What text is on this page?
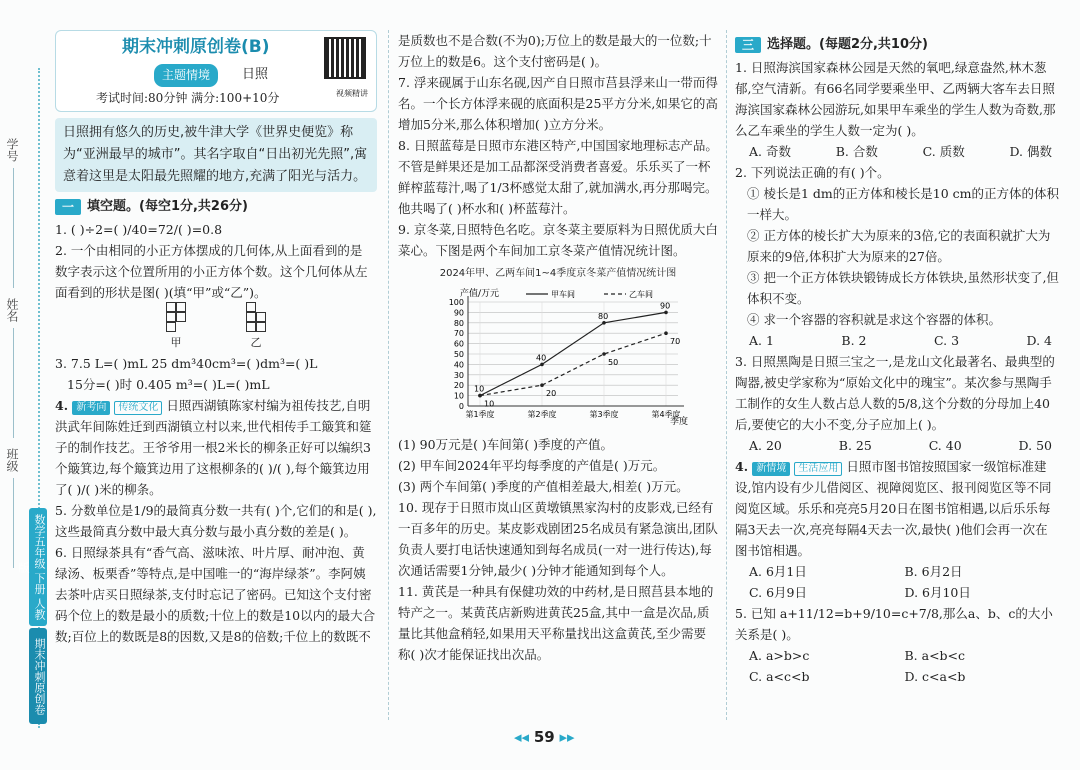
学号
姓名
班级
数学五年级 下册 人教版
期末冲刺原创卷
期末冲刺原创卷(B)
主题情境	日照
考试时间:80分钟 满分:100+10分	视频精讲
日照拥有悠久的历史,被牛津大学《世界史便览》称为“亚洲最早的城市”。其名字取自“日出初光先照”,寓意着这里是太阳最先照耀的地方,充满了阳光与活力。
一	填空题。(每空1分,共26分)

1. ( )÷2=( )/40=72/( )=0.8

2. 一个由相同的小正方体摆成的几何体,从上面看到的是

数字表示这个位置所用的小正方体个数。这个几何体从左面看到的形状是图( )(填“甲”或“乙”)。

甲	乙

3. 7.5 L=( )mL 25 dm³40cm³=( )dm³=( )L

15分=( )时 0.405 m³=( )L=( )mL

4. 新考向 传统文化 日照西湖镇陈家村编为祖传技艺,自明洪武年间陈姓迁到西湖镇立村以来,世代相传手工簸箕和筵子的制作技艺。王爷爷用一根2米长的柳条正好可以编织3个簸箕边,每个簸箕边用了这根柳条的( )/( ),每个簸箕边用了( )/( )米的柳条。

5. 分数单位是1/9的最简真分数一共有( )个,它们的和是( ),这些最简真分数中最大真分数与最小真分数的差是( )。

6. 日照绿茶具有“香气高、滋味浓、叶片厚、耐冲泡、黄绿汤、板栗香”等特点,是中国唯一的“海岸绿茶”。李阿姨去茶叶店买日照绿茶,支付时忘记了密码。已知这个支付密码个位上的数是最小的质数;十位上的数是10以内的最大合数;百位上的数既是8的因数,又是8的倍数;千位上的数既不

是质数也不是合数(不为0);万位上的数是最大的一位数;十万位上的数是6。这个支付密码是( )。

7. 浮来砚属于山东名砚,因产自日照市莒县浮来山一带而得名。一个长方体浮来砚的底面积是25平方分米,如果它的高增加5分米,那么体积增加( )立方分米。

8. 日照蓝莓是日照市东港区特产,中国国家地理标志产品。不管是鲜果还是加工品都深受消费者喜爱。乐乐买了一杯鲜榨蓝莓汁,喝了1/3杯感觉太甜了,就加满水,再分那喝完。他共喝了( )杯水和( )杯蓝莓汁。

9. 京冬菜,日照特色名吃。京冬菜主要原料为日照优质大白菜心。下图是两个车间加工京冬菜产值情况统计图。

2024年甲、乙两车间1~4季度京冬菜产值情况统计图
产值/万元
季度
0
10
20
30
40
50
60
70
80
90
100
第1季度	第2季度	第3季度	第4季度
10
40
80
90
甲车间
10
20
50
70
乙车间

(1) 90万元是( )车间第( )季度的产值。

(2) 甲车间2024年平均每季度的产值是( )万元。

(3) 两个车间第( )季度的产值相差最大,相差( )万元。

10. 现存于日照市岚山区黄墩镇黑家沟村的皮影戏,已经有一百多年的历史。某皮影戏剧团25名成员有紧急演出,团队负责人要打电话快速通知到每名成员(一对一进行传达),每次通话需要1分钟,最少( )分钟才能通知到每个人。

11. 黄芪是一种具有保健功效的中药材,是日照莒县本地的特产之一。某黄芪店新购进黄芪25盒,其中一盒是次品,质量比其他盒稍轻,如果用天平称量找出这盒黄芪,至少需要称( )次才能保证找出次品。

三	选择题。(每题2分,共10分)

1. 日照海滨国家森林公园是天然的氧吧,绿意盎然,林木葱郁,空气清新。有66名同学要乘坐甲、乙两辆大客车去日照海滨国家森林公园游玩,如果甲车乘坐的学生人数为奇数,那么乙车乘坐的学生人数一定为( )。

A. 奇数	B. 合数	C. 质数	D. 偶数

2. 下列说法正确的有( )个。

① 棱长是1 dm的正方体和棱长是10 cm的正方体的体积一样大。

② 正方体的棱长扩大为原来的3倍,它的表面积就扩大为原来的9倍,体积扩大为原来的27倍。

③ 把一个正方体铁块锻铸成长方体铁块,虽然形状变了,但体积不变。

④ 求一个容器的容积就是求这个容器的体积。

A. 1	B. 2	C. 3	D. 4

3. 日照黑陶是日照三宝之一,是龙山文化最著名、最典型的陶器,被史学家称为“原始文化中的瑰宝”。某次参与黑陶手工制作的女生人数占总人数的5/8,这个分数的分母加上40后,要使它的大小不变,分子应加上( )。

A. 20	B. 25	C. 40	D. 50

4. 新情境 生活应用 日照市图书馆按照国家一级馆标准建设,馆内设有少儿借阅区、视障阅览区、报刊阅览区等不同阅览区域。乐乐和亮亮5月20日在图书馆相遇,以后乐乐每隔3天去一次,亮亮每隔4天去一次,最快( )他们会再一次在图书馆相遇。

A. 6月1日	B. 6月2日
C. 6月9日	D. 6月10日

5. 已知 a+11/12=b+9/10=c+7/8,那么a、b、c的大小关系是( )。

A. a>b>c	B. a<b<c
C. a<c<b	D. c<a<b
◂◂ 59 ▸▸
